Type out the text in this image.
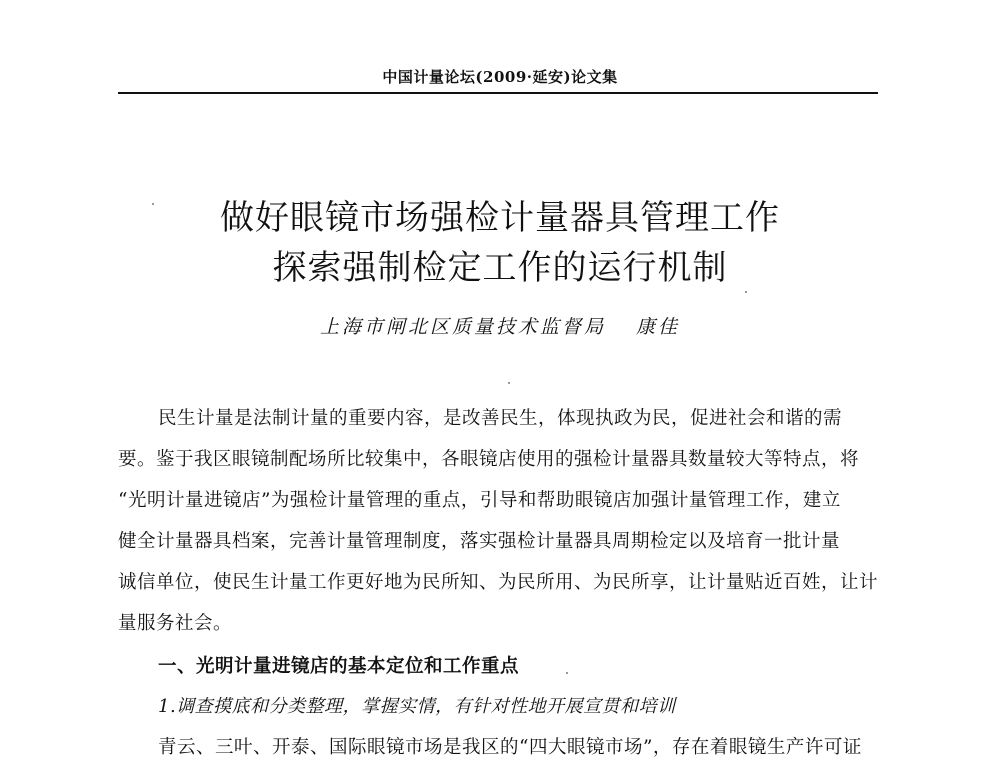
中国计量论坛(2009·延安)论文集
做好眼镜市场强检计量器具管理工作
探索强制检定工作的运行机制
上海市闸北区质量技术监督局 康佳
民生计量是法制计量的重要内容，是改善民生，体现执政为民，促进社会和谐的需
要。鉴于我区眼镜制配场所比较集中，各眼镜店使用的强检计量器具数量较大等特点，将
“光明计量进镜店”为强检计量管理的重点，引导和帮助眼镜店加强计量管理工作，建立
健全计量器具档案，完善计量管理制度，落实强检计量器具周期检定以及培育一批计量
诚信单位，使民生计量工作更好地为民所知、为民所用、为民所享，让计量贴近百姓，让计
量服务社会。
一、光明计量进镜店的基本定位和工作重点
1.调查摸底和分类整理，掌握实情，有针对性地开展宣贯和培训
青云、三叶、开泰、国际眼镜市场是我区的“四大眼镜市场”，存在着眼镜生产许可证
